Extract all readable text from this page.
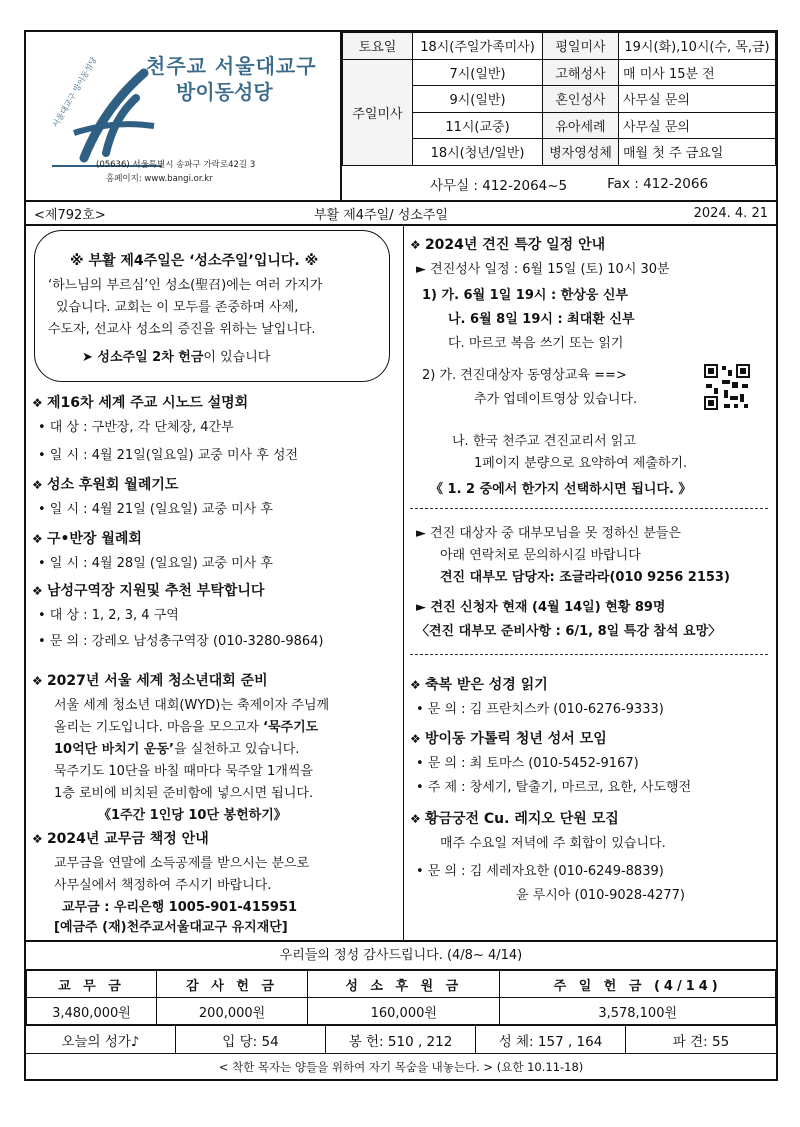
서울대교구 방이동성당 천주교 서울대교구
방이동성당
(05636) 서울특별시 송파구 가락로42길 3
홈페이지: www.bangi.or.kr
토요일	18시(주일가족미사)	평일미사	19시(화),10시(수, 목,금)
주일미사	7시(일반)	고해성사	매 미사 15분 전
	9시(일반)	혼인성사	사무실 문의
	11시(교중)	유아세례	사무실 문의
	18시(청년/일반)	병자영성체	매월 첫 주 금요일
사무실 : 412-2064~5	Fax : 412-2066
<제792호>	부활 제4주일/ 성소주일	2024. 4. 21
※ 부활 제4주일은 ‘성소주일’입니다. ※
‘하느님의 부르심’인 성소(聖召)에는 여러 가지가
있습니다. 교회는 이 모두를 존중하며 사제,
수도자, 선교사 성소의 증진을 위하는 날입니다.
➤ 성소주일 2차 헌금이 있습니다
❖ 제16차 세계 주교 시노드 설명회
• 대 상 : 구반장, 각 단체장, 4간부
• 일 시 : 4월 21일(일요일) 교중 미사 후 성전
❖ 성소 후원회 월례기도
• 일 시 : 4월 21일 (일요일) 교중 미사 후
❖ 구•반장 월례회
• 일 시 : 4월 28일 (일요일) 교중 미사 후
❖ 남성구역장 지원및 추천 부탁합니다
• 대 상 : 1, 2, 3, 4 구역
• 문 의 : 강레오 남성총구역장 (010-3280-9864)
❖ 2027년 서울 세계 청소년대회 준비
서울 세계 청소년 대회(WYD)는 축제이자 주님께
올리는 기도입니다. 마음을 모으고자 ‘묵주기도
10억단 바치기 운동’을 실천하고 있습니다.
묵주기도 10단을 바칠 때마다 묵주알 1개씩을
1층 로비에 비치된 준비함에 넣으시면 됩니다.
《1주간 1인당 10단 봉헌하기》
❖ 2024년 교무금 책정 안내
교무금을 연말에 소득공제를 받으시는 분으로
사무실에서 책정하여 주시기 바랍니다.
교무금 : 우리은행 1005-901-415951
[예금주 (재)천주교서울대교구 유지재단]
❖ 2024년 견진 특강 일정 안내
► 견진성사 일정 : 6월 15일 (토) 10시 30분
1) 가. 6월 1일 19시 : 한상웅 신부
나. 6월 8일 19시 : 최대환 신부
다. 마르코 복음 쓰기 또는 읽기
2) 가. 견진대상자 동영상교육 ==>
추가 업데이트영상 있습니다.
나. 한국 천주교 견진교리서 읽고
1페이지 분량으로 요약하여 제출하기.
《 1. 2 중에서 한가지 선택하시면 됩니다. 》
► 견진 대상자 중 대부모님을 못 정하신 분들은
아래 연락처로 문의하시길 바랍니다
견진 대부모 담당자: 조글라라(010 9256 2153)
► 견진 신청자 현재 (4월 14일) 현황 89명
〈견진 대부모 준비사항 : 6/1, 8일 특강 참석 요망〉
❖ 축복 받은 성경 읽기
• 문 의 : 김 프란치스카 (010-6276-9333)
❖ 방이동 가톨릭 청년 성서 모임
• 문 의 : 최 토마스 (010-5452-9167)
• 주 제 : 창세기, 탈출기, 마르코, 요한, 사도행전
❖ 황금궁전 Cu. 레지오 단원 모집
매주 수요일 저녁에 주 회합이 있습니다.
• 문 의 : 김 세레자요한 (010-6249-8839)
윤 루시아 (010-9028-4277)
우리들의 정성 감사드립니다. (4/8~ 4/14)
교 무 금	감 사 헌 금	성 소 후 원 금	주 일 헌 금 (4/14)
3,480,000원	200,000원	160,000원	3,578,100원
오늘의 성가♪	입 당: 54	봉 헌: 510 , 212	성 체: 157 , 164	파 견: 55
< 착한 목자는 양들을 위하여 자기 목숨을 내놓는다. > (요한 10.11-18)
